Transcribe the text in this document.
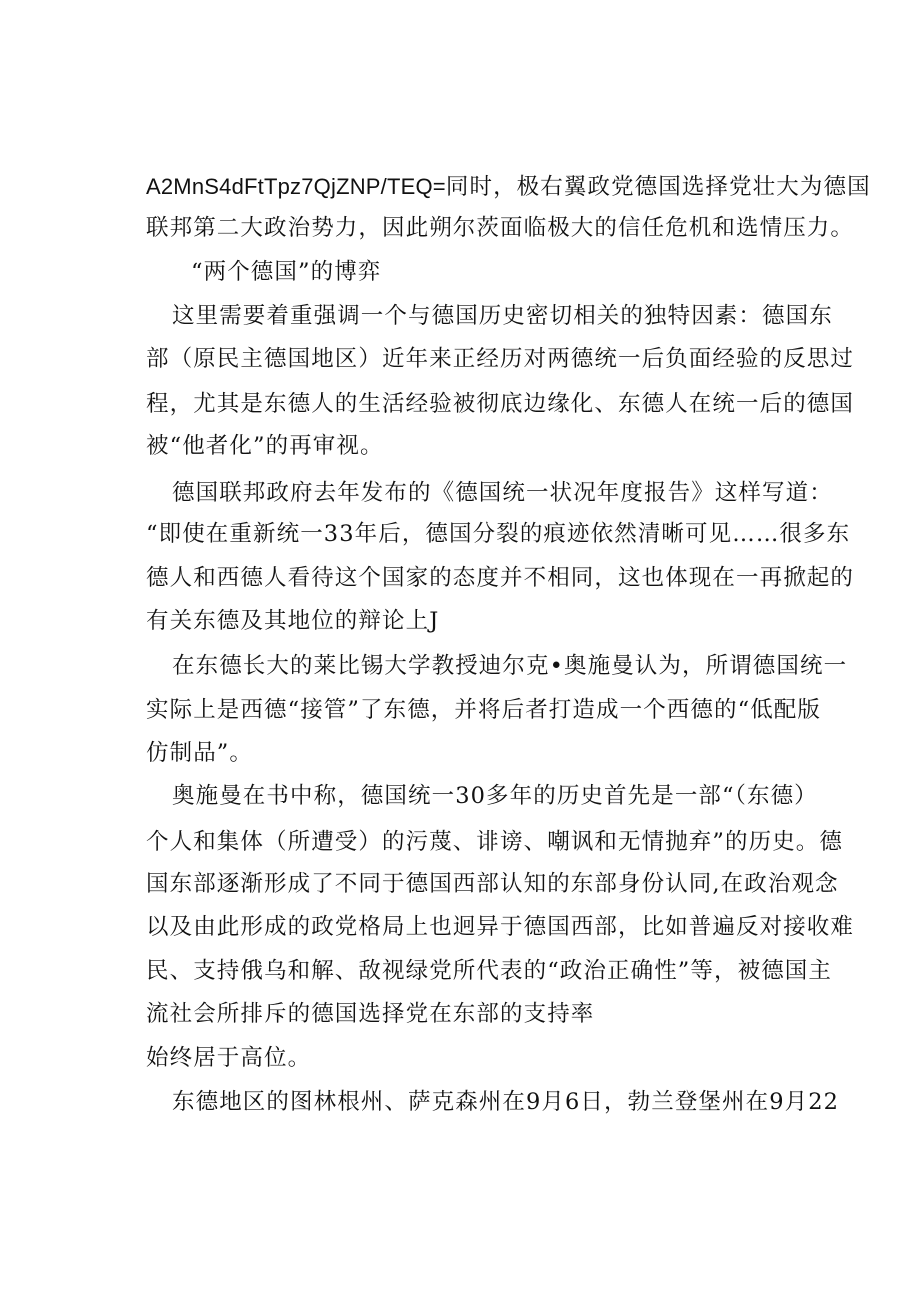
A2MnS4dFtTpz7QjZNP/TEQ=同时，极右翼政党德国选择党壮大为德国
联邦第二大政治势力，因此朔尔茨面临极大的信任危机和选情压力。
“两个德国”的博弈
这里需要着重强调一个与德国历史密切相关的独特因素：德国东
部（原民主德国地区）近年来正经历对两德统一后负面经验的反思过
程，尤其是东德人的生活经验被彻底边缘化、东德人在统一后的德国
被“他者化”的再审视。
德国联邦政府去年发布的《德国统一状况年度报告》这样写道：
“即使在重新统一33年后，德国分裂的痕迹依然清晰可见……很多东
德人和西德人看待这个国家的态度并不相同，这也体现在一再掀起的
有关东德及其地位的辩论上J
在东德长大的莱比锡大学教授迪尔克•奥施曼认为，所谓德国统一
实际上是西德“接管”了东德，并将后者打造成一个西德的“低配版
仿制品”。
奥施曼在书中称，德国统一30多年的历史首先是一部“（东德）
个人和集体（所遭受）的污蔑、诽谤、嘲讽和无情抛弃”的历史。德
国东部逐渐形成了不同于德国西部认知的东部身份认同,在政治观念
以及由此形成的政党格局上也迥异于德国西部，比如普遍反对接收难
民、支持俄乌和解、敌视绿党所代表的“政治正确性”等，被德国主
流社会所排斥的德国选择党在东部的支持率
始终居于高位。
东德地区的图林根州、萨克森州在9月6日，勃兰登堡州在9月22
